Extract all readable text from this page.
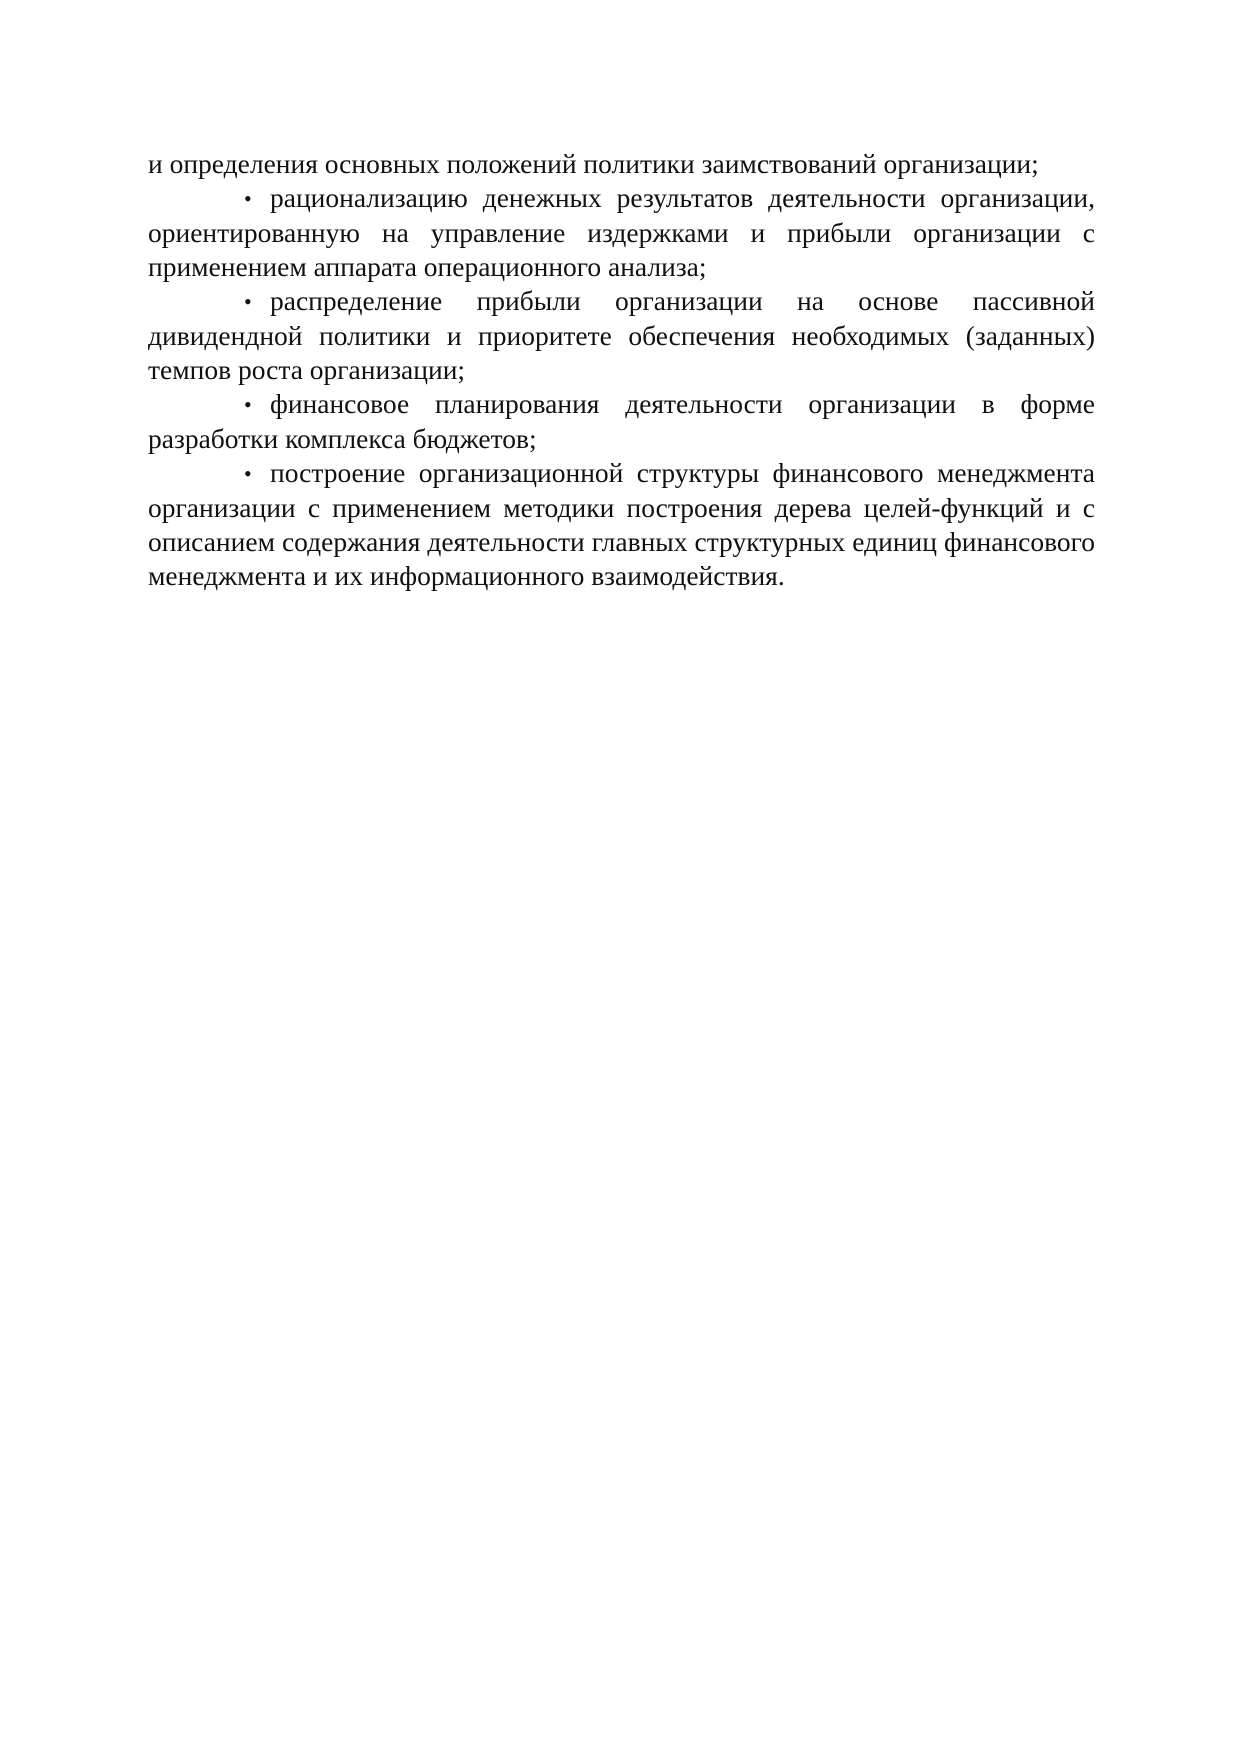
и определения основных положений политики заимствований организации;

• рационализацию денежных результатов деятельности организации, ориентированную на управление издержками и прибыли организации с применением аппарата операционного анализа;

• распределение прибыли организации на основе пассивной дивидендной политики и приоритете обеспечения необходимых (заданных) темпов роста организации;

• финансовое планирования деятельности организации в форме разработки комплекса бюджетов;

• построение организационной структуры финансового менеджмента организации с применением методики построения дерева целей-функций и с описанием содержания деятельности главных структурных единиц финансового менеджмента и их информационного взаимодействия.
